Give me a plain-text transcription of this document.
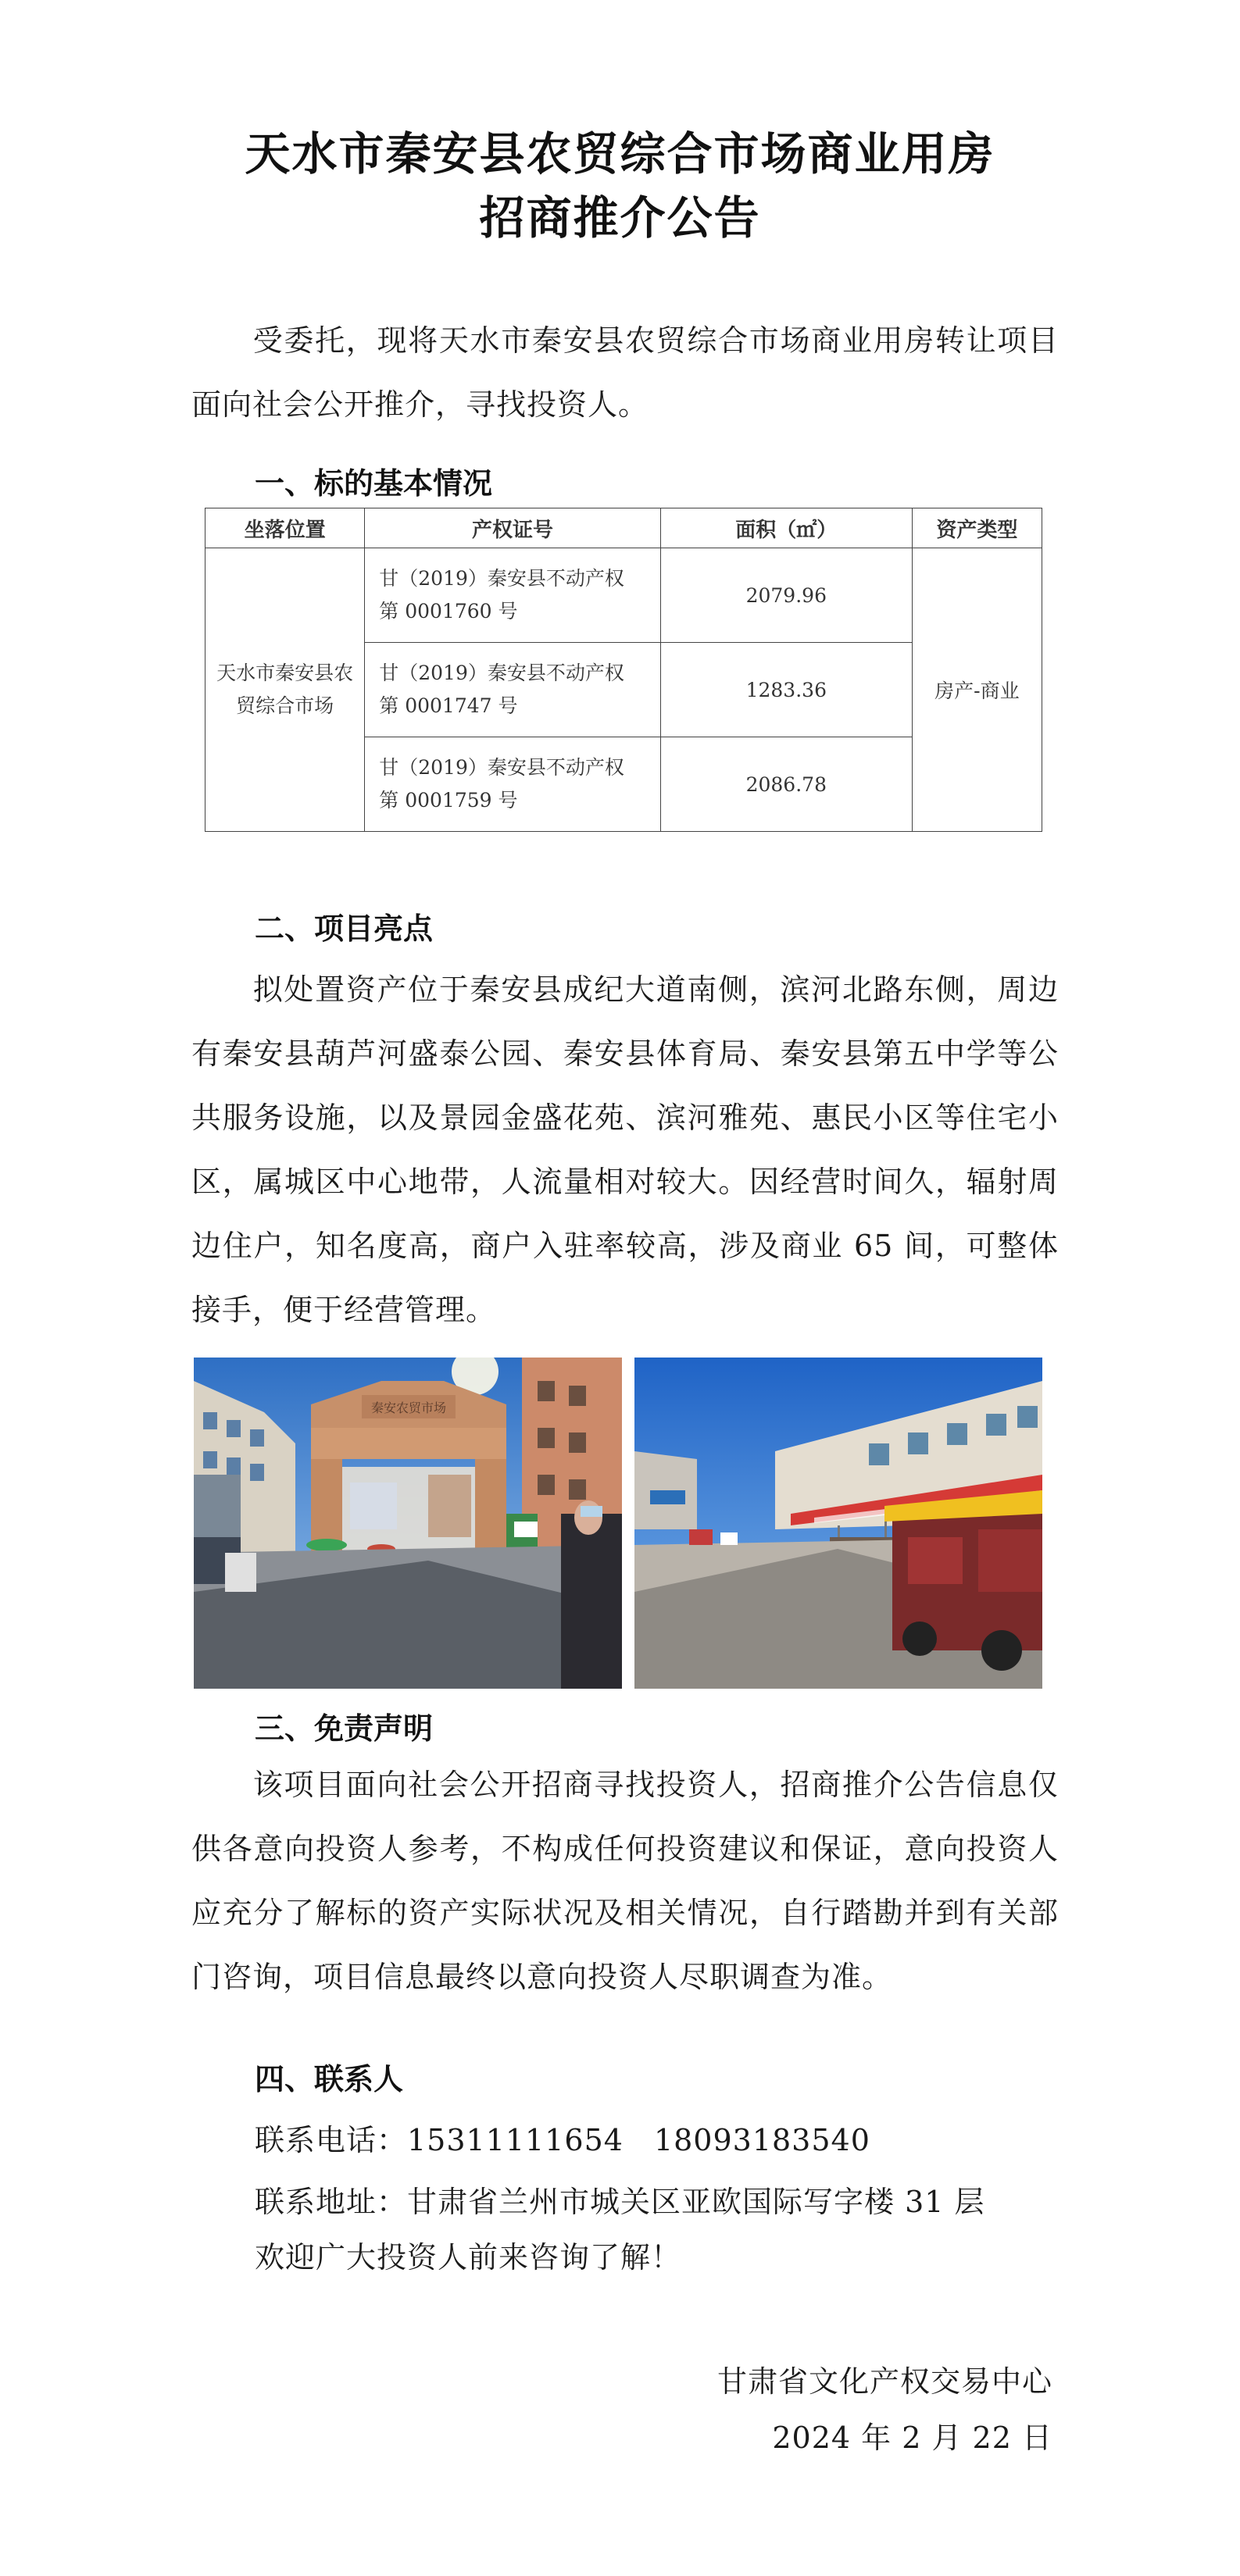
天水市秦安县农贸综合市场商业用房
招商推介公告
受委托，现将天水市秦安县农贸综合市场商业用房转让项目面向社会公开推介，寻找投资人。
一、标的基本情况
坐落位置	产权证号	面积（㎡）	资产类型
天水市秦安县农贸综合市场	甘（2019）秦安县不动产权
第 0001760 号	2079.96	房产-商业

	甘（2019）秦安县不动产权
第 0001747 号	1283.36	

	甘（2019）秦安县不动产权
第 0001759 号	2086.78	
二、项目亮点
拟处置资产位于秦安县成纪大道南侧，滨河北路东侧，周边有秦安县葫芦河盛泰公园、秦安县体育局、秦安县第五中学等公共服务设施，以及景园金盛花苑、滨河雅苑、惠民小区等住宅小区，属城区中心地带，人流量相对较大。因经营时间久，辐射周边住户，知名度高，商户入驻率较高，涉及商业 65 间，可整体接手，便于经营管理。
秦安农贸市场
三、免责声明
该项目面向社会公开招商寻找投资人，招商推介公告信息仅供各意向投资人参考，不构成任何投资建议和保证，意向投资人应充分了解标的资产实际状况及相关情况，自行踏勘并到有关部门咨询，项目信息最终以意向投资人尽职调查为准。
四、联系人
联系电话：15311111654　18093183540
联系地址：甘肃省兰州市城关区亚欧国际写字楼 31 层
欢迎广大投资人前来咨询了解！
甘肃省文化产权交易中心
2024 年 2 月 22 日
